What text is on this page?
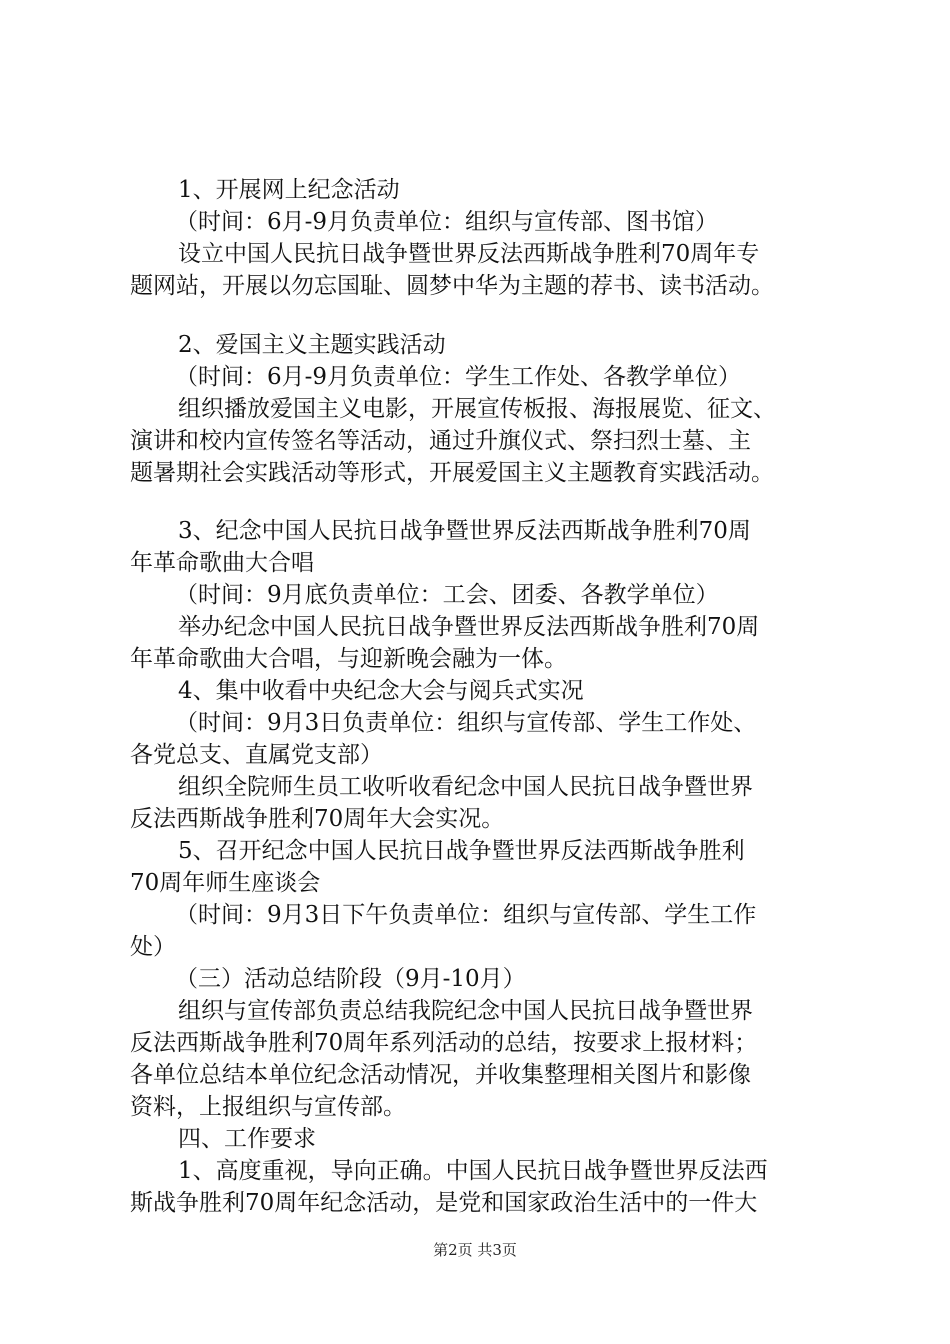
1、开展网上纪念活动
（时间：6月-9月负责单位：组织与宣传部、图书馆）
设立中国人民抗日战争暨世界反法西斯战争胜利70周年专
题网站，开展以勿忘国耻、圆梦中华为主题的荐书、读书活动。
2、爱国主义主题实践活动
（时间：6月-9月负责单位：学生工作处、各教学单位）
组织播放爱国主义电影，开展宣传板报、海报展览、征文、
演讲和校内宣传签名等活动，通过升旗仪式、祭扫烈士墓、主
题暑期社会实践活动等形式，开展爱国主义主题教育实践活动。
3、纪念中国人民抗日战争暨世界反法西斯战争胜利70周
年革命歌曲大合唱
（时间：9月底负责单位：工会、团委、各教学单位）
举办纪念中国人民抗日战争暨世界反法西斯战争胜利70周
年革命歌曲大合唱，与迎新晚会融为一体。
4、集中收看中央纪念大会与阅兵式实况
（时间：9月3日负责单位：组织与宣传部、学生工作处、
各党总支、直属党支部）
组织全院师生员工收听收看纪念中国人民抗日战争暨世界
反法西斯战争胜利70周年大会实况。
5、召开纪念中国人民抗日战争暨世界反法西斯战争胜利
70周年师生座谈会
（时间：9月3日下午负责单位：组织与宣传部、学生工作
处）
（三）活动总结阶段（9月-10月）
组织与宣传部负责总结我院纪念中国人民抗日战争暨世界
反法西斯战争胜利70周年系列活动的总结，按要求上报材料；
各单位总结本单位纪念活动情况，并收集整理相关图片和影像
资料，上报组织与宣传部。
四、工作要求
1、高度重视，导向正确。中国人民抗日战争暨世界反法西
斯战争胜利70周年纪念活动，是党和国家政治生活中的一件大
第2页 共3页
